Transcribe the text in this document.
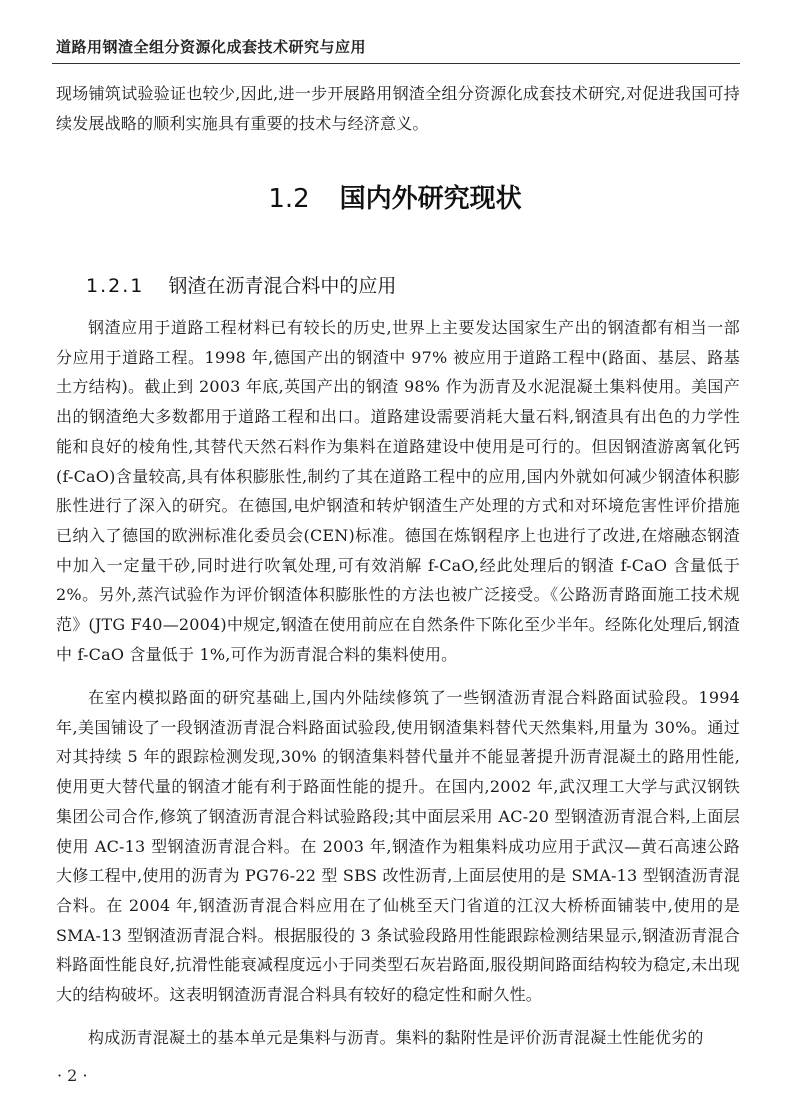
道路用钢渣全组分资源化成套技术研究与应用

现场铺筑试验验证也较少,因此,进一步开展路用钢渣全组分资源化成套技术研究,对促进我国可持续发展战略的顺利实施具有重要的技术与经济意义。

1.2 国内外研究现状
1.2.1 钢渣在沥青混合料中的应用

钢渣应用于道路工程材料已有较长的历史,世界上主要发达国家生产出的钢渣都有相当一部分应用于道路工程。1998 年,德国产出的钢渣中 97% 被应用于道路工程中(路面、基层、路基土方结构)。截止到 2003 年底,英国产出的钢渣 98% 作为沥青及水泥混凝土集料使用。美国产出的钢渣绝大多数都用于道路工程和出口。道路建设需要消耗大量石料,钢渣具有出色的力学性能和良好的棱角性,其替代天然石料作为集料在道路建设中使用是可行的。但因钢渣游离氧化钙(f-CaO)含量较高,具有体积膨胀性,制约了其在道路工程中的应用,国内外就如何减少钢渣体积膨胀性进行了深入的研究。在德国,电炉钢渣和转炉钢渣生产处理的方式和对环境危害性评价措施已纳入了德国的欧洲标准化委员会(CEN)标准。德国在炼钢程序上也进行了改进,在熔融态钢渣中加入一定量干砂,同时进行吹氧处理,可有效消解 f-CaO,经此处理后的钢渣 f-CaO 含量低于 2%。另外,蒸汽试验作为评价钢渣体积膨胀性的方法也被广泛接受。《公路沥青路面施工技术规范》(JTG F40—2004)中规定,钢渣在使用前应在自然条件下陈化至少半年。经陈化处理后,钢渣中 f-CaO 含量低于 1%,可作为沥青混合料的集料使用。

在室内模拟路面的研究基础上,国内外陆续修筑了一些钢渣沥青混合料路面试验段。1994 年,美国铺设了一段钢渣沥青混合料路面试验段,使用钢渣集料替代天然集料,用量为 30%。通过对其持续 5 年的跟踪检测发现,30% 的钢渣集料替代量并不能显著提升沥青混凝土的路用性能,使用更大替代量的钢渣才能有利于路面性能的提升。在国内,2002 年,武汉理工大学与武汉钢铁集团公司合作,修筑了钢渣沥青混合料试验路段;其中面层采用 AC-20 型钢渣沥青混合料,上面层使用 AC-13 型钢渣沥青混合料。在 2003 年,钢渣作为粗集料成功应用于武汉—黄石高速公路大修工程中,使用的沥青为 PG76-22 型 SBS 改性沥青,上面层使用的是 SMA-13 型钢渣沥青混合料。在 2004 年,钢渣沥青混合料应用在了仙桃至天门省道的江汉大桥桥面铺装中,使用的是 SMA-13 型钢渣沥青混合料。根据服役的 3 条试验段路用性能跟踪检测结果显示,钢渣沥青混合料路面性能良好,抗滑性能衰减程度远小于同类型石灰岩路面,服役期间路面结构较为稳定,未出现大的结构破坏。这表明钢渣沥青混合料具有较好的稳定性和耐久性。

构成沥青混凝土的基本单元是集料与沥青。集料的黏附性是评价沥青混凝土性能优劣的

· 2 ·
